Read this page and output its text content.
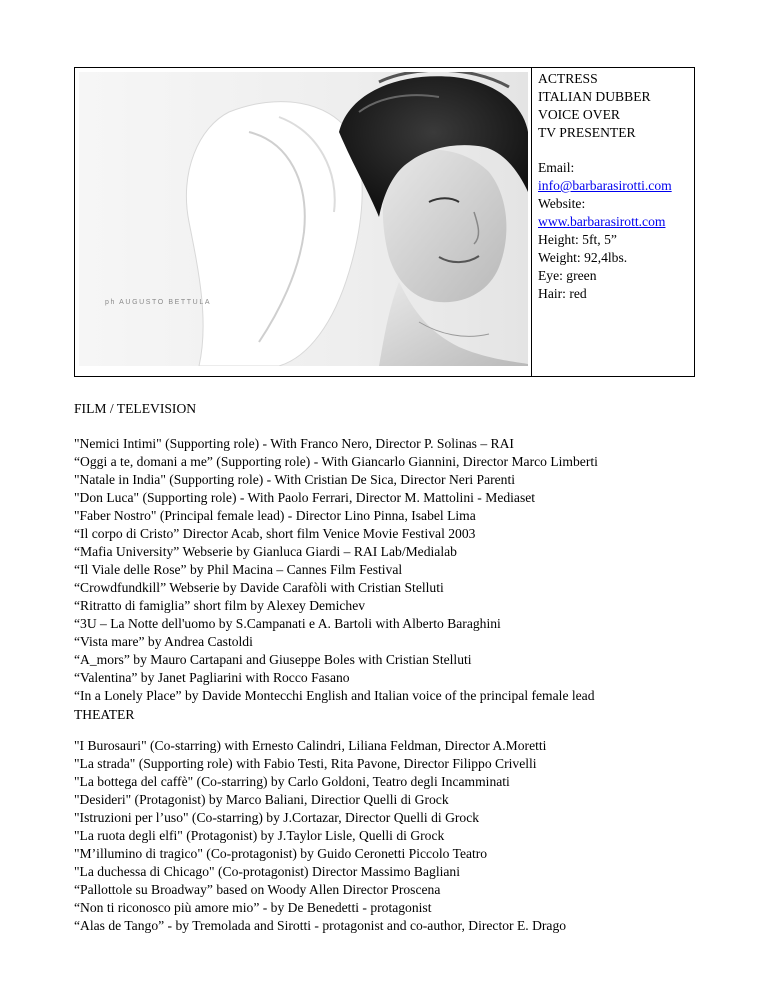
ph AUGUSTO BETTULA
ACTRESS
ITALIAN DUBBER
VOICE OVER
TV PRESENTER
Email:
info@barbarasirotti.com
Website:
www.barbarasirott.com
Height: 5ft, 5”
Weight: 92,4lbs.
Eye: green
Hair: red
FILM / TELEVISION
"Nemici Intimi" (Supporting role) - With Franco Nero, Director P. Solinas – RAI
“Oggi a te, domani a me” (Supporting role) - With Giancarlo Giannini, Director Marco Limberti
"Natale in India" (Supporting role) - With Cristian De Sica, Director Neri Parenti
"Don Luca" (Supporting role) - With Paolo Ferrari, Director M. Mattolini - Mediaset
"Faber Nostro" (Principal female lead) - Director Lino Pinna, Isabel Lima
“Il corpo di Cristo” Director Acab, short film Venice Movie Festival 2003
“Mafia University” Webserie by Gianluca Giardi – RAI Lab/Medialab
“Il Viale delle Rose” by Phil Macina – Cannes Film Festival
“Crowdfundkill” Webserie by Davide Carafòli with Cristian Stelluti
“Ritratto di famiglia” short film by Alexey Demichev
“3U – La Notte dell'uomo by S.Campanati e A. Bartoli with Alberto Baraghini
“Vista mare” by Andrea Castoldi
“A_mors” by Mauro Cartapani and Giuseppe Boles with Cristian Stelluti
“Valentina” by Janet Pagliarini with Rocco Fasano
“In a Lonely Place” by Davide Montecchi English and Italian voice of the principal female lead
THEATER
"I Burosauri" (Co-starring) with Ernesto Calindri, Liliana Feldman, Director A.Moretti
"La strada" (Supporting role) with Fabio Testi, Rita Pavone, Director Filippo Crivelli
"La bottega del caffè" (Co-starring) by Carlo Goldoni, Teatro degli Incamminati
"Desideri" (Protagonist) by Marco Baliani, Directior Quelli di Grock
"Istruzioni per l’uso" (Co-starring) by J.Cortazar, Director Quelli di Grock
"La ruota degli elfi" (Protagonist) by J.Taylor Lisle, Quelli di Grock
"M’illumino di tragico" (Co-protagonist) by Guido Ceronetti Piccolo Teatro
"La duchessa di Chicago" (Co-protagonist) Director Massimo Bagliani
“Pallottole su Broadway” based on Woody Allen Director Proscena
“Non ti riconosco più amore mio” - by De Benedetti - protagonist
“Alas de Tango” - by Tremolada and Sirotti - protagonist and co-author, Director E. Drago
